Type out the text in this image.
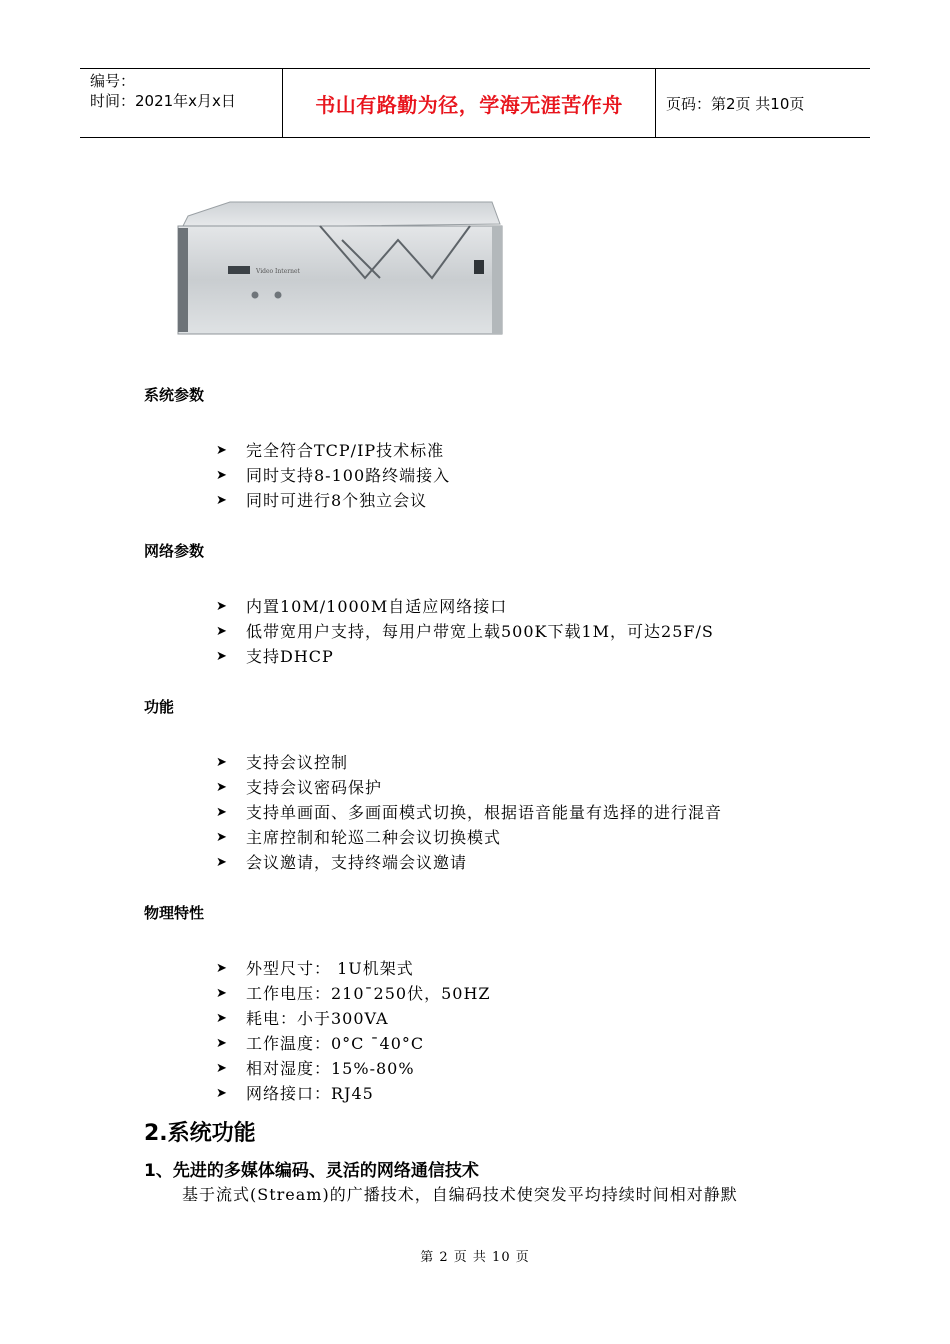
编号：
时间：2021年x月x日	书山有路勤为径，学海无涯苦作舟	页码：第2页 共10页
Video Internet
系统参数
➤	完全符合TCP/IP技术标准
➤	同时支持8-100路终端接入
➤	同时可进行8个独立会议
网络参数
➤	内置10M/1000M自适应网络接口
➤	低带宽用户支持，每用户带宽上载500K下载1M，可达25F/S
➤	支持DHCP
功能
➤	支持会议控制
➤	支持会议密码保护
➤	支持单画面、多画面模式切换，根据语音能量有选择的进行混音
➤	主席控制和轮巡二种会议切换模式
➤	会议邀请，支持终端会议邀请
物理特性
➤	外型尺寸： 1U机架式
➤	工作电压：210¯250伏，50HZ
➤	耗电：小于300VA
➤	工作温度：0°C ¯40°C
➤	相对湿度：15%-80%
➤	网络接口：RJ45
2.系统功能
1、先进的多媒体编码、灵活的网络通信技术
基于流式(Stream)的广播技术，自编码技术使突发平均持续时间相对静默
第 2 页 共 10 页
